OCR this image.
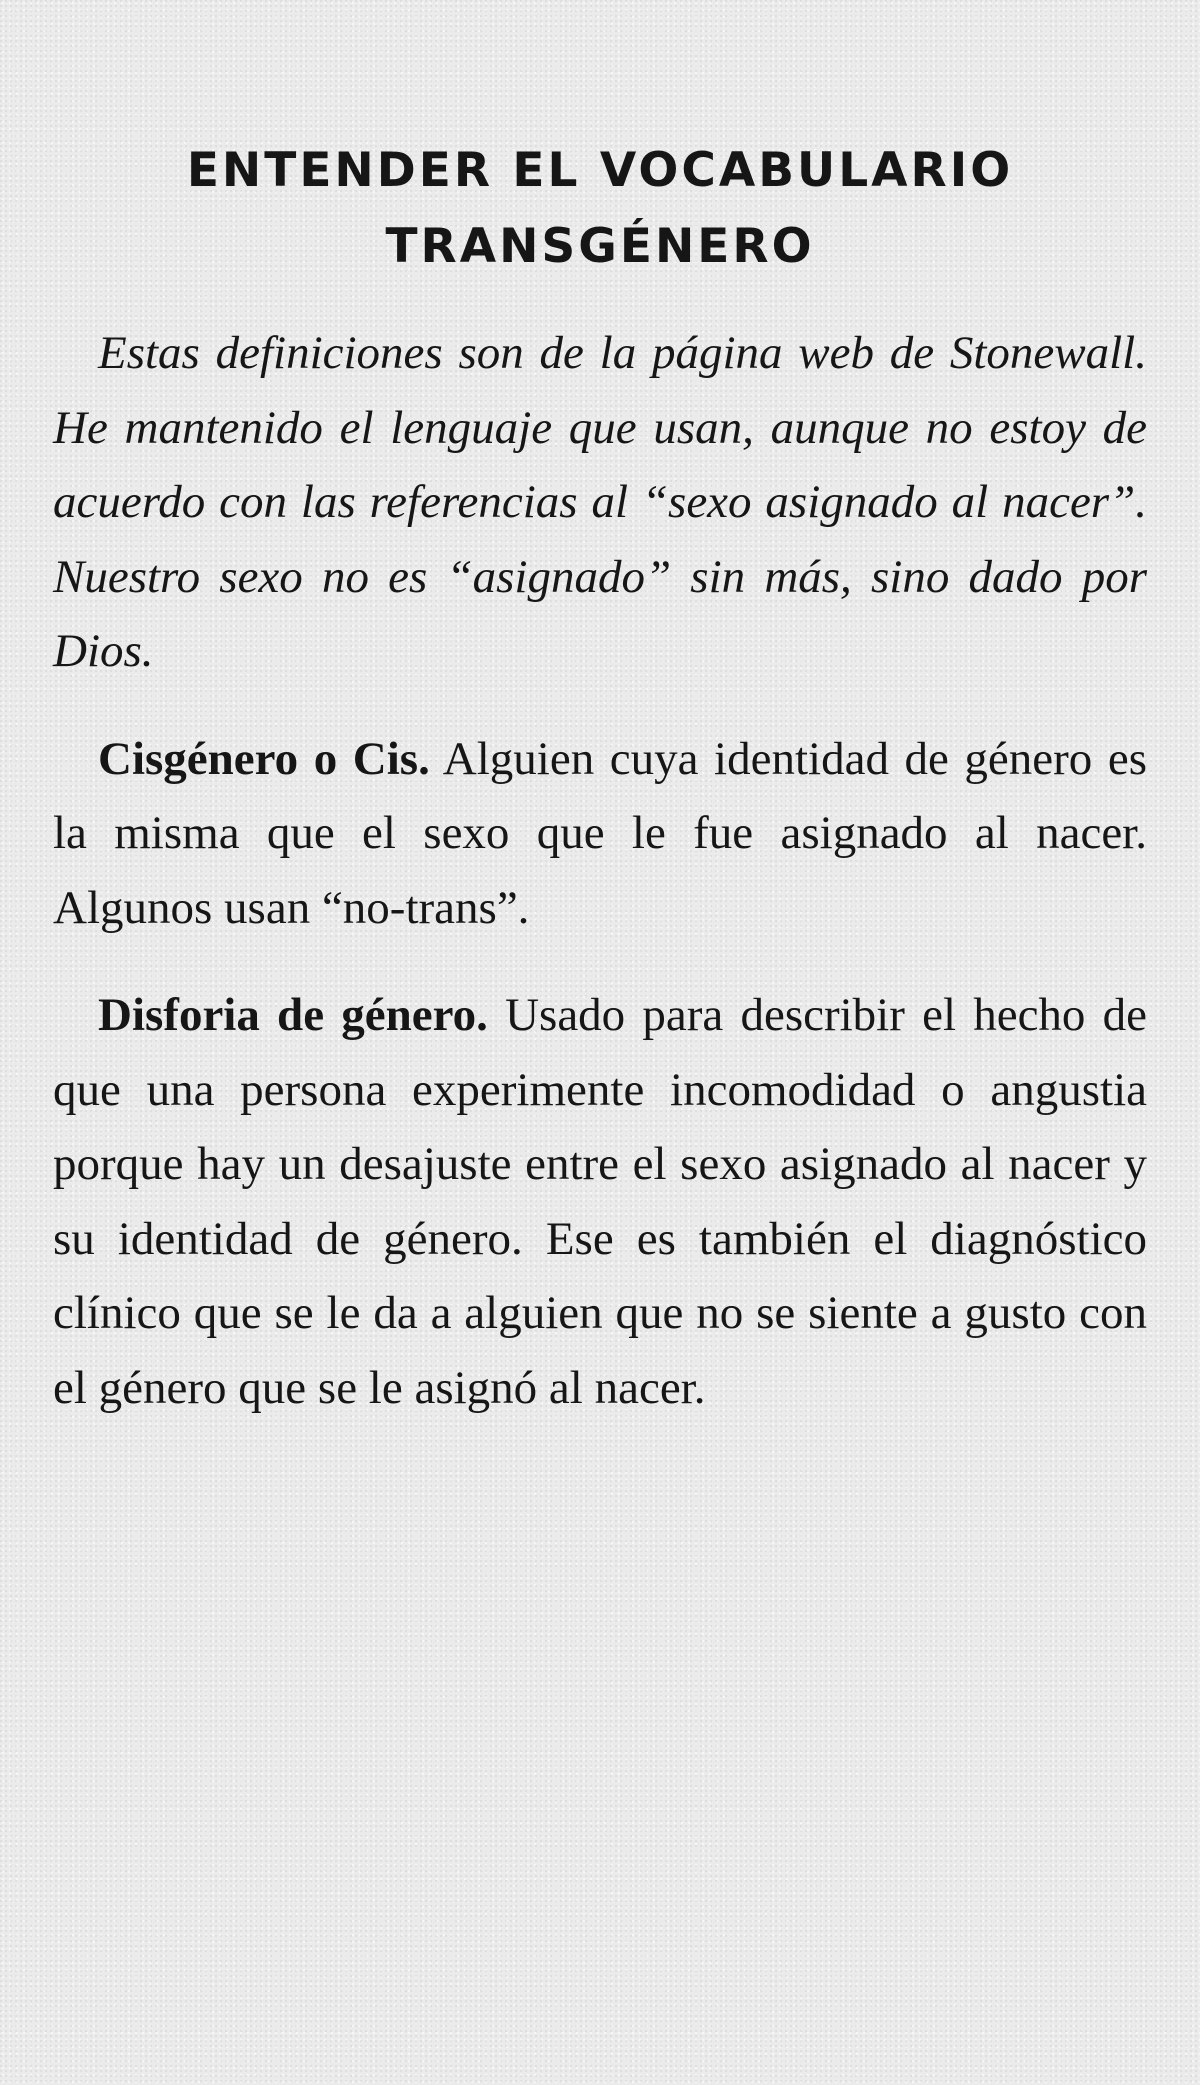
ENTENDER EL VOCABULARIO
TRANSGÉNERO

Estas definiciones son de la página web de Stonewall. He mantenido el lenguaje que usan, aunque no estoy de acuerdo con las referencias al “sexo asignado al nacer”. Nuestro sexo no es “asignado” sin más, sino dado por Dios.

Cisgénero o Cis. Alguien cuya identidad de género es la misma que el sexo que le fue asignado al nacer. Algunos usan “no-trans”.

Disforia de género. Usado para describir el hecho de que una persona experimente incomodidad o angustia porque hay un desajuste entre el sexo asignado al nacer y su identidad de género. Ese es también el diagnóstico clínico que se le da a alguien que no se siente a gusto con el género que se le asignó al nacer.
